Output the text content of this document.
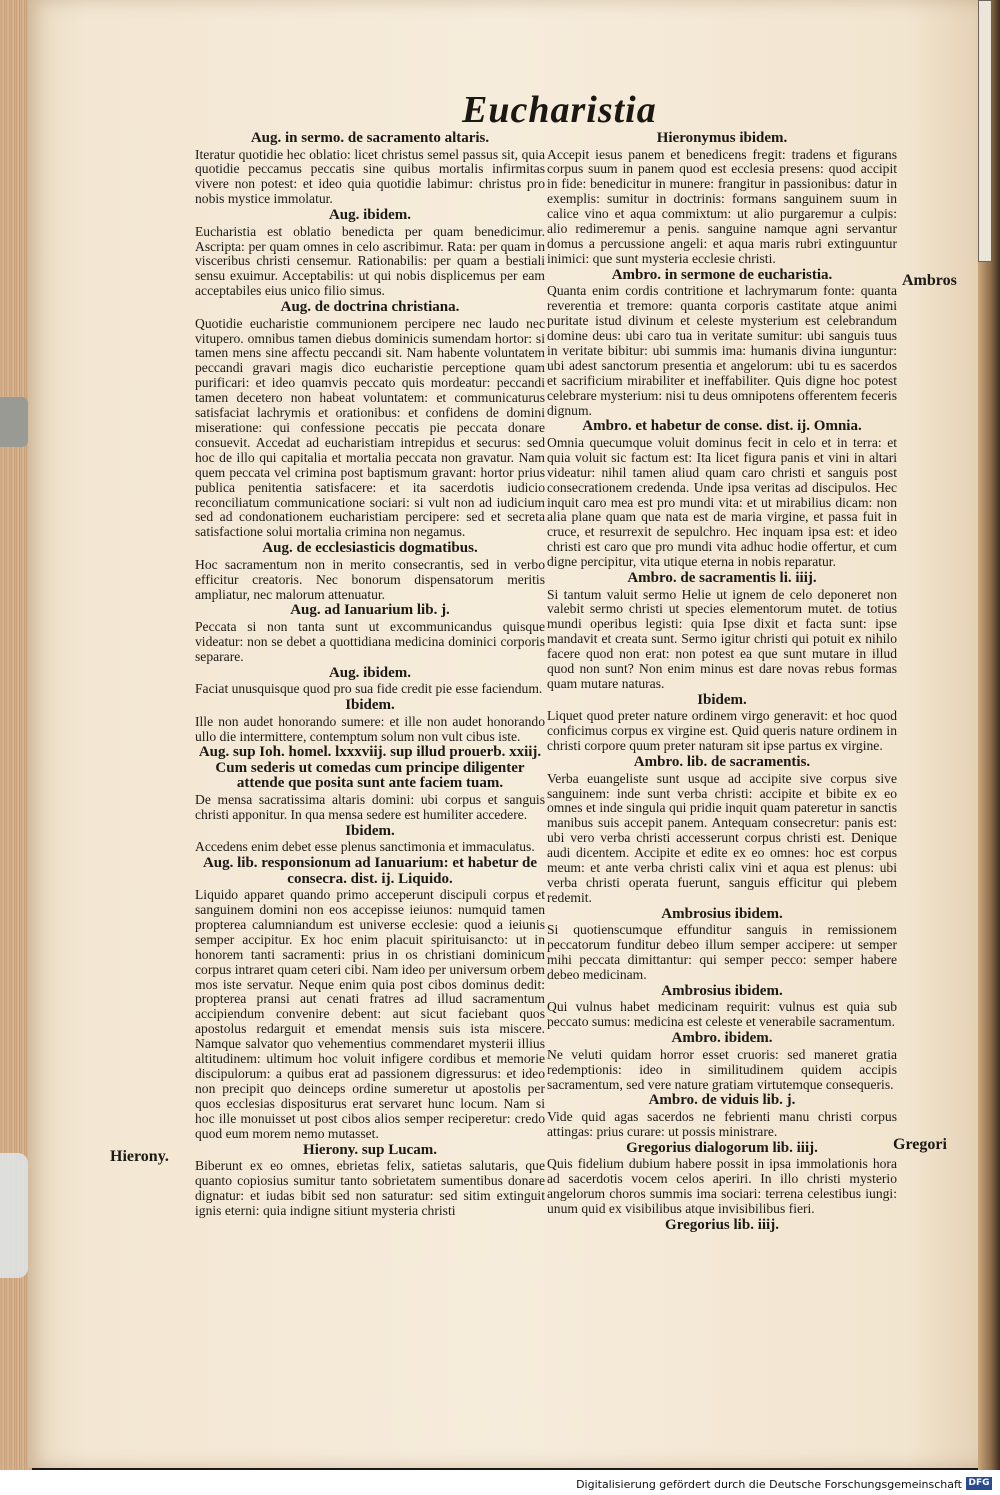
Eucharistia
Aug. in sermo. de sacramento altaris.
Iteratur quotidie hec oblatio: licet christus semel passus sit, quia quotidie peccamus peccatis sine quibus mortalis infirmitas vivere non potest: et ideo quia quotidie labimur: christus pro nobis mystice immolatur.
Aug. ibidem.
Eucharistia est oblatio benedicta per quam benedicimur. Ascripta: per quam omnes in celo ascribimur. Rata: per quam in visceribus christi censemur. Rationabilis: per quam a bestiali sensu exuimur. Acceptabilis: ut qui nobis displicemus per eam acceptabiles eius unico filio simus.
Aug. de doctrina christiana.
Quotidie eucharistie communionem percipere nec laudo nec vitupero. omnibus tamen diebus dominicis sumendam hortor: si tamen mens sine affectu peccandi sit. Nam habente voluntatem peccandi gravari magis dico eucharistie perceptione quam purificari: et ideo quamvis peccato quis mordeatur: peccandi tamen decetero non habeat voluntatem: et communicaturus satisfaciat lachrymis et orationibus: et confidens de domini miseratione: qui confessione peccatis pie peccata donare consuevit. Accedat ad eucharistiam intrepidus et securus: sed hoc de illo qui capitalia et mortalia peccata non gravatur. Nam quem peccata vel crimina post baptismum gravant: hortor prius publica penitentia satisfacere: et ita sacerdotis iudicio reconciliatum communicatione sociari: si vult non ad iudicium sed ad condonationem eucharistiam percipere: sed et secreta satisfactione solui mortalia crimina non negamus.
Aug. de ecclesiasticis dogmatibus.
Hoc sacramentum non in merito consecrantis, sed in verbo efficitur creatoris. Nec bonorum dispensatorum meritis ampliatur, nec malorum attenuatur.
Aug. ad Ianuarium lib. j.
Peccata si non tanta sunt ut excommunicandus quisque videatur: non se debet a quottidiana medicina dominici corporis separare.
Aug. ibidem.
Faciat unusquisque quod pro sua fide credit pie esse faciendum.
Ibidem.
Ille non audet honorando sumere: et ille non audet honorando ullo die intermittere, contemptum solum non vult cibus iste.
Aug. sup Ioh. homel. lxxxviij. sup illud prouerb. xxiij. Cum sederis ut comedas cum principe diligenter attende que posita sunt ante faciem tuam.
De mensa sacratissima altaris domini: ubi corpus et sanguis christi apponitur. In qua mensa sedere est humiliter accedere.
Ibidem.
Accedens enim debet esse plenus sanctimonia et immaculatus.
Aug. lib. responsionum ad Ianuarium: et habetur de consecra. dist. ij. Liquido.
Liquido apparet quando primo acceperunt discipuli corpus et sanguinem domini non eos accepisse ieiunos: numquid tamen propterea calumniandum est universe ecclesie: quod a ieiunis semper accipitur. Ex hoc enim placuit spirituisancto: ut in honorem tanti sacramenti: prius in os christiani dominicum corpus intraret quam ceteri cibi. Nam ideo per universum orbem mos iste servatur. Neque enim quia post cibos dominus dedit: propterea pransi aut cenati fratres ad illud sacramentum accipiendum convenire debent: aut sicut faciebant quos apostolus redarguit et emendat mensis suis ista miscere. Namque salvator quo vehementius commendaret mysterii illius altitudinem: ultimum hoc voluit infigere cordibus et memorie discipulorum: a quibus erat ad passionem digressurus: et ideo non precipit quo deinceps ordine sumeretur ut apostolis per quos ecclesias dispositurus erat servaret hunc locum. Nam si hoc ille monuisset ut post cibos alios semper reciperetur: credo quod eum morem nemo mutasset.
Hierony. sup Lucam.
Biberunt ex eo omnes, ebrietas felix, satietas salutaris, que quanto copiosius sumitur tanto sobrietatem sumentibus donare dignatur: et iudas bibit sed non saturatur: sed sitim extinguit ignis eterni: quia indigne sitiunt mysteria christi
Hieronymus ibidem.
Accepit iesus panem et benedicens fregit: tradens et figurans corpus suum in panem quod est ecclesia presens: quod accipit in fide: benedicitur in munere: frangitur in passionibus: datur in exemplis: sumitur in doctrinis: formans sanguinem suum in calice vino et aqua commixtum: ut alio purgaremur a culpis: alio redimeremur a penis. sanguine namque agni servantur domus a percussione angeli: et aqua maris rubri extinguuntur inimici: que sunt mysteria ecclesie christi.
Ambro. in sermone de eucharistia.
Quanta enim cordis contritione et lachrymarum fonte: quanta reverentia et tremore: quanta corporis castitate atque animi puritate istud divinum et celeste mysterium est celebrandum domine deus: ubi caro tua in veritate sumitur: ubi sanguis tuus in veritate bibitur: ubi summis ima: humanis divina iunguntur: ubi adest sanctorum presentia et angelorum: ubi tu es sacerdos et sacrificium mirabiliter et ineffabiliter. Quis digne hoc potest celebrare mysterium: nisi tu deus omnipotens offerentem feceris dignum.
Ambro. et habetur de conse. dist. ij. Omnia.
Omnia quecumque voluit dominus fecit in celo et in terra: et quia voluit sic factum est: Ita licet figura panis et vini in altari videatur: nihil tamen aliud quam caro christi et sanguis post consecrationem credenda. Unde ipsa veritas ad discipulos. Hec inquit caro mea est pro mundi vita: et ut mirabilius dicam: non alia plane quam que nata est de maria virgine, et passa fuit in cruce, et resurrexit de sepulchro. Hec inquam ipsa est: et ideo christi est caro que pro mundi vita adhuc hodie offertur, et cum digne percipitur, vita utique eterna in nobis reparatur.
Ambro. de sacramentis li. iiij.
Si tantum valuit sermo Helie ut ignem de celo deponeret non valebit sermo christi ut species elementorum mutet. de totius mundi operibus legisti: quia Ipse dixit et facta sunt: ipse mandavit et creata sunt. Sermo igitur christi qui potuit ex nihilo facere quod non erat: non potest ea que sunt mutare in illud quod non sunt? Non enim minus est dare novas rebus formas quam mutare naturas.
Ibidem.
Liquet quod preter nature ordinem virgo generavit: et hoc quod conficimus corpus ex virgine est. Quid queris nature ordinem in christi corpore quum preter naturam sit ipse partus ex virgine.
Ambro. lib. de sacramentis.
Verba euangeliste sunt usque ad accipite sive corpus sive sanguinem: inde sunt verba christi: accipite et bibite ex eo omnes et inde singula qui pridie inquit quam pateretur in sanctis manibus suis accepit panem. Antequam consecretur: panis est: ubi vero verba christi accesserunt corpus christi est. Denique audi dicentem. Accipite et edite ex eo omnes: hoc est corpus meum: et ante verba christi calix vini et aqua est plenus: ubi verba christi operata fuerunt, sanguis efficitur qui plebem redemit.
Ambrosius ibidem.
Si quotienscumque effunditur sanguis in remissionem peccatorum funditur debeo illum semper accipere: ut semper mihi peccata dimittantur: qui semper pecco: semper habere debeo medicinam.
Ambrosius ibidem.
Qui vulnus habet medicinam requirit: vulnus est quia sub peccato sumus: medicina est celeste et venerabile sacramentum.
Ambro. ibidem.
Ne veluti quidam horror esset cruoris: sed maneret gratia redemptionis: ideo in similitudinem quidem accipis sacramentum, sed vere nature gratiam virtutemque consequeris.
Ambro. de viduis lib. j.
Vide quid agas sacerdos ne febrienti manu christi corpus attingas: prius curare: ut possis ministrare.
Gregorius dialogorum lib. iiij.
Quis fidelium dubium habere possit in ipsa immolationis hora ad sacerdotis vocem celos aperiri. In illo christi mysterio angelorum choros summis ima sociari: terrena celestibus iungi: unum quid ex visibilibus atque invisibilibus fieri.
Gregorius lib. iiij.
Ambros
Gregori
Hierony.
Digitalisierung gefördert durch die Deutsche Forschungsgemeinschaft DFG
